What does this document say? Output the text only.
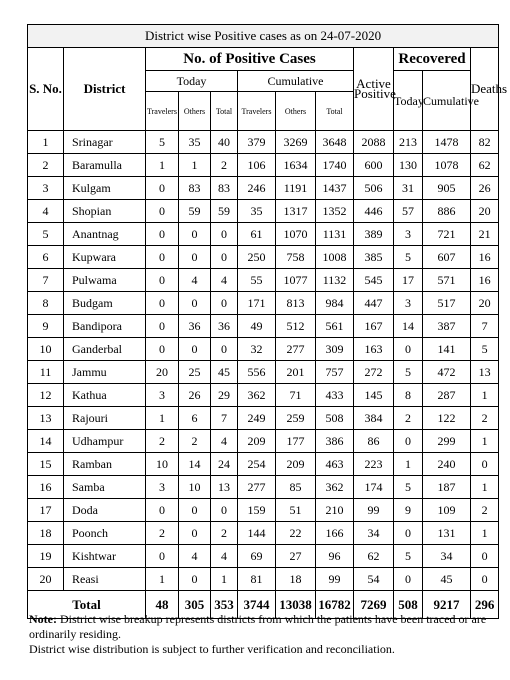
District wise Positive cases as on 24-07-2020											
S. No.	District	No. of Positive Cases						Active Positive	Recovered		Deaths
		Today			Cumulative				Today	Cumulative	
		Travelers	Others	Total	Travelers	Others	Total				
1	Srinagar	5	35	40	379	3269	3648	2088	213	1478	82
2	Baramulla	1	1	2	106	1634	1740	600	130	1078	62
3	Kulgam	0	83	83	246	1191	1437	506	31	905	26
4	Shopian	0	59	59	35	1317	1352	446	57	886	20
5	Anantnag	0	0	0	61	1070	1131	389	3	721	21
6	Kupwara	0	0	0	250	758	1008	385	5	607	16
7	Pulwama	0	4	4	55	1077	1132	545	17	571	16
8	Budgam	0	0	0	171	813	984	447	3	517	20
9	Bandipora	0	36	36	49	512	561	167	14	387	7
10	Ganderbal	0	0	0	32	277	309	163	0	141	5
11	Jammu	20	25	45	556	201	757	272	5	472	13
12	Kathua	3	26	29	362	71	433	145	8	287	1
13	Rajouri	1	6	7	249	259	508	384	2	122	2
14	Udhampur	2	2	4	209	177	386	86	0	299	1
15	Ramban	10	14	24	254	209	463	223	1	240	0
16	Samba	3	10	13	277	85	362	174	5	187	1
17	Doda	0	0	0	159	51	210	99	9	109	2
18	Poonch	2	0	2	144	22	166	34	0	131	1
19	Kishtwar	0	4	4	69	27	96	62	5	34	0
20	Reasi	1	0	1	81	18	99	54	0	45	0
Total		48	305	353	3744	13038	16782	7269	508	9217	296
Note: District wise breakup represents districts from which the patients have been traced or are ordinarily residing.
District wise distribution is subject to further verification and reconciliation.
